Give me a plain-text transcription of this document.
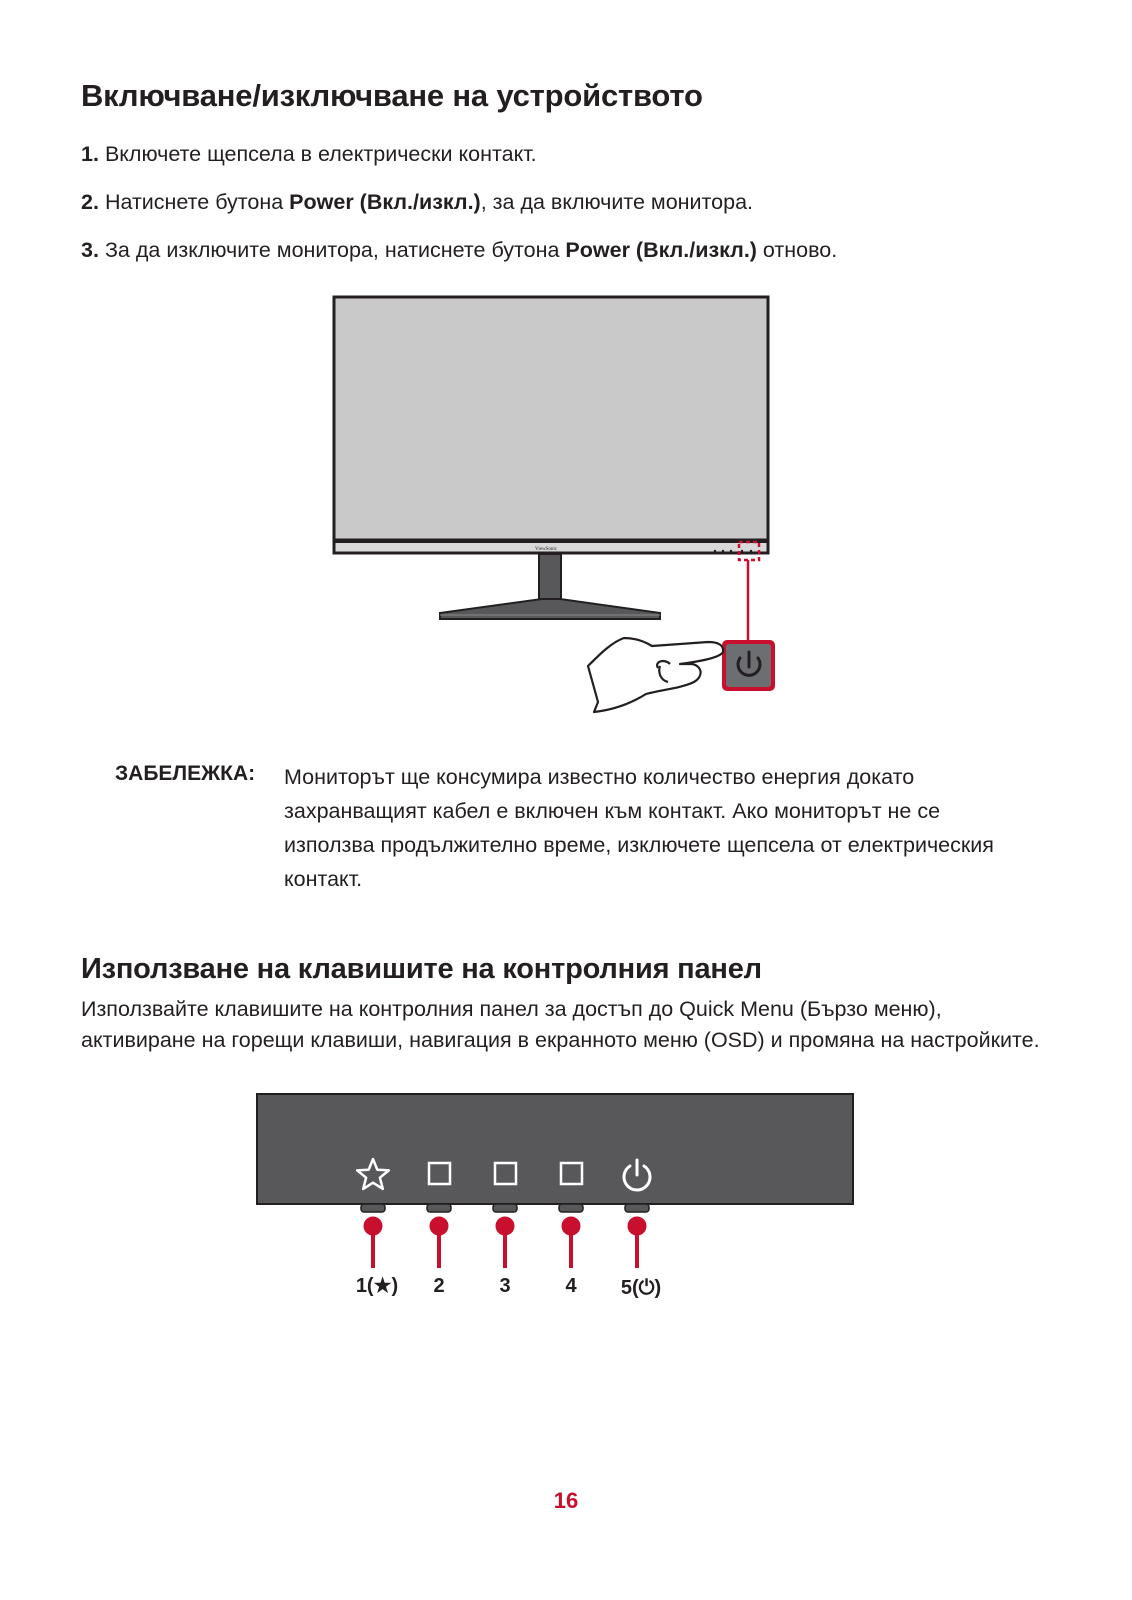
Включване/изключване на устройството
1. Включете щепсела в електрически контакт.
2. Натиснете бутона Power (Вкл./изкл.), за да включите монитора.
3. За да изключите монитора, натиснете бутона Power (Вкл./изкл.) отново.
ViewSonic
ЗАБЕЛЕЖКА: Мониторът ще консумира известно количество енергия докато захранващият кабел е включен към контакт. Ако мониторът не се използва продължително време, изключете щепсела от електрическия контакт.

Използване на клавишите на контролния панел

Използвайте клавишите на контролния панел за достъп до Quick Menu (Бързо меню), активиране на горещи клавиши, навигация в екранното меню (OSD) и промяна на настройките.

1(★) 2	3	4 5(⏻)
16
